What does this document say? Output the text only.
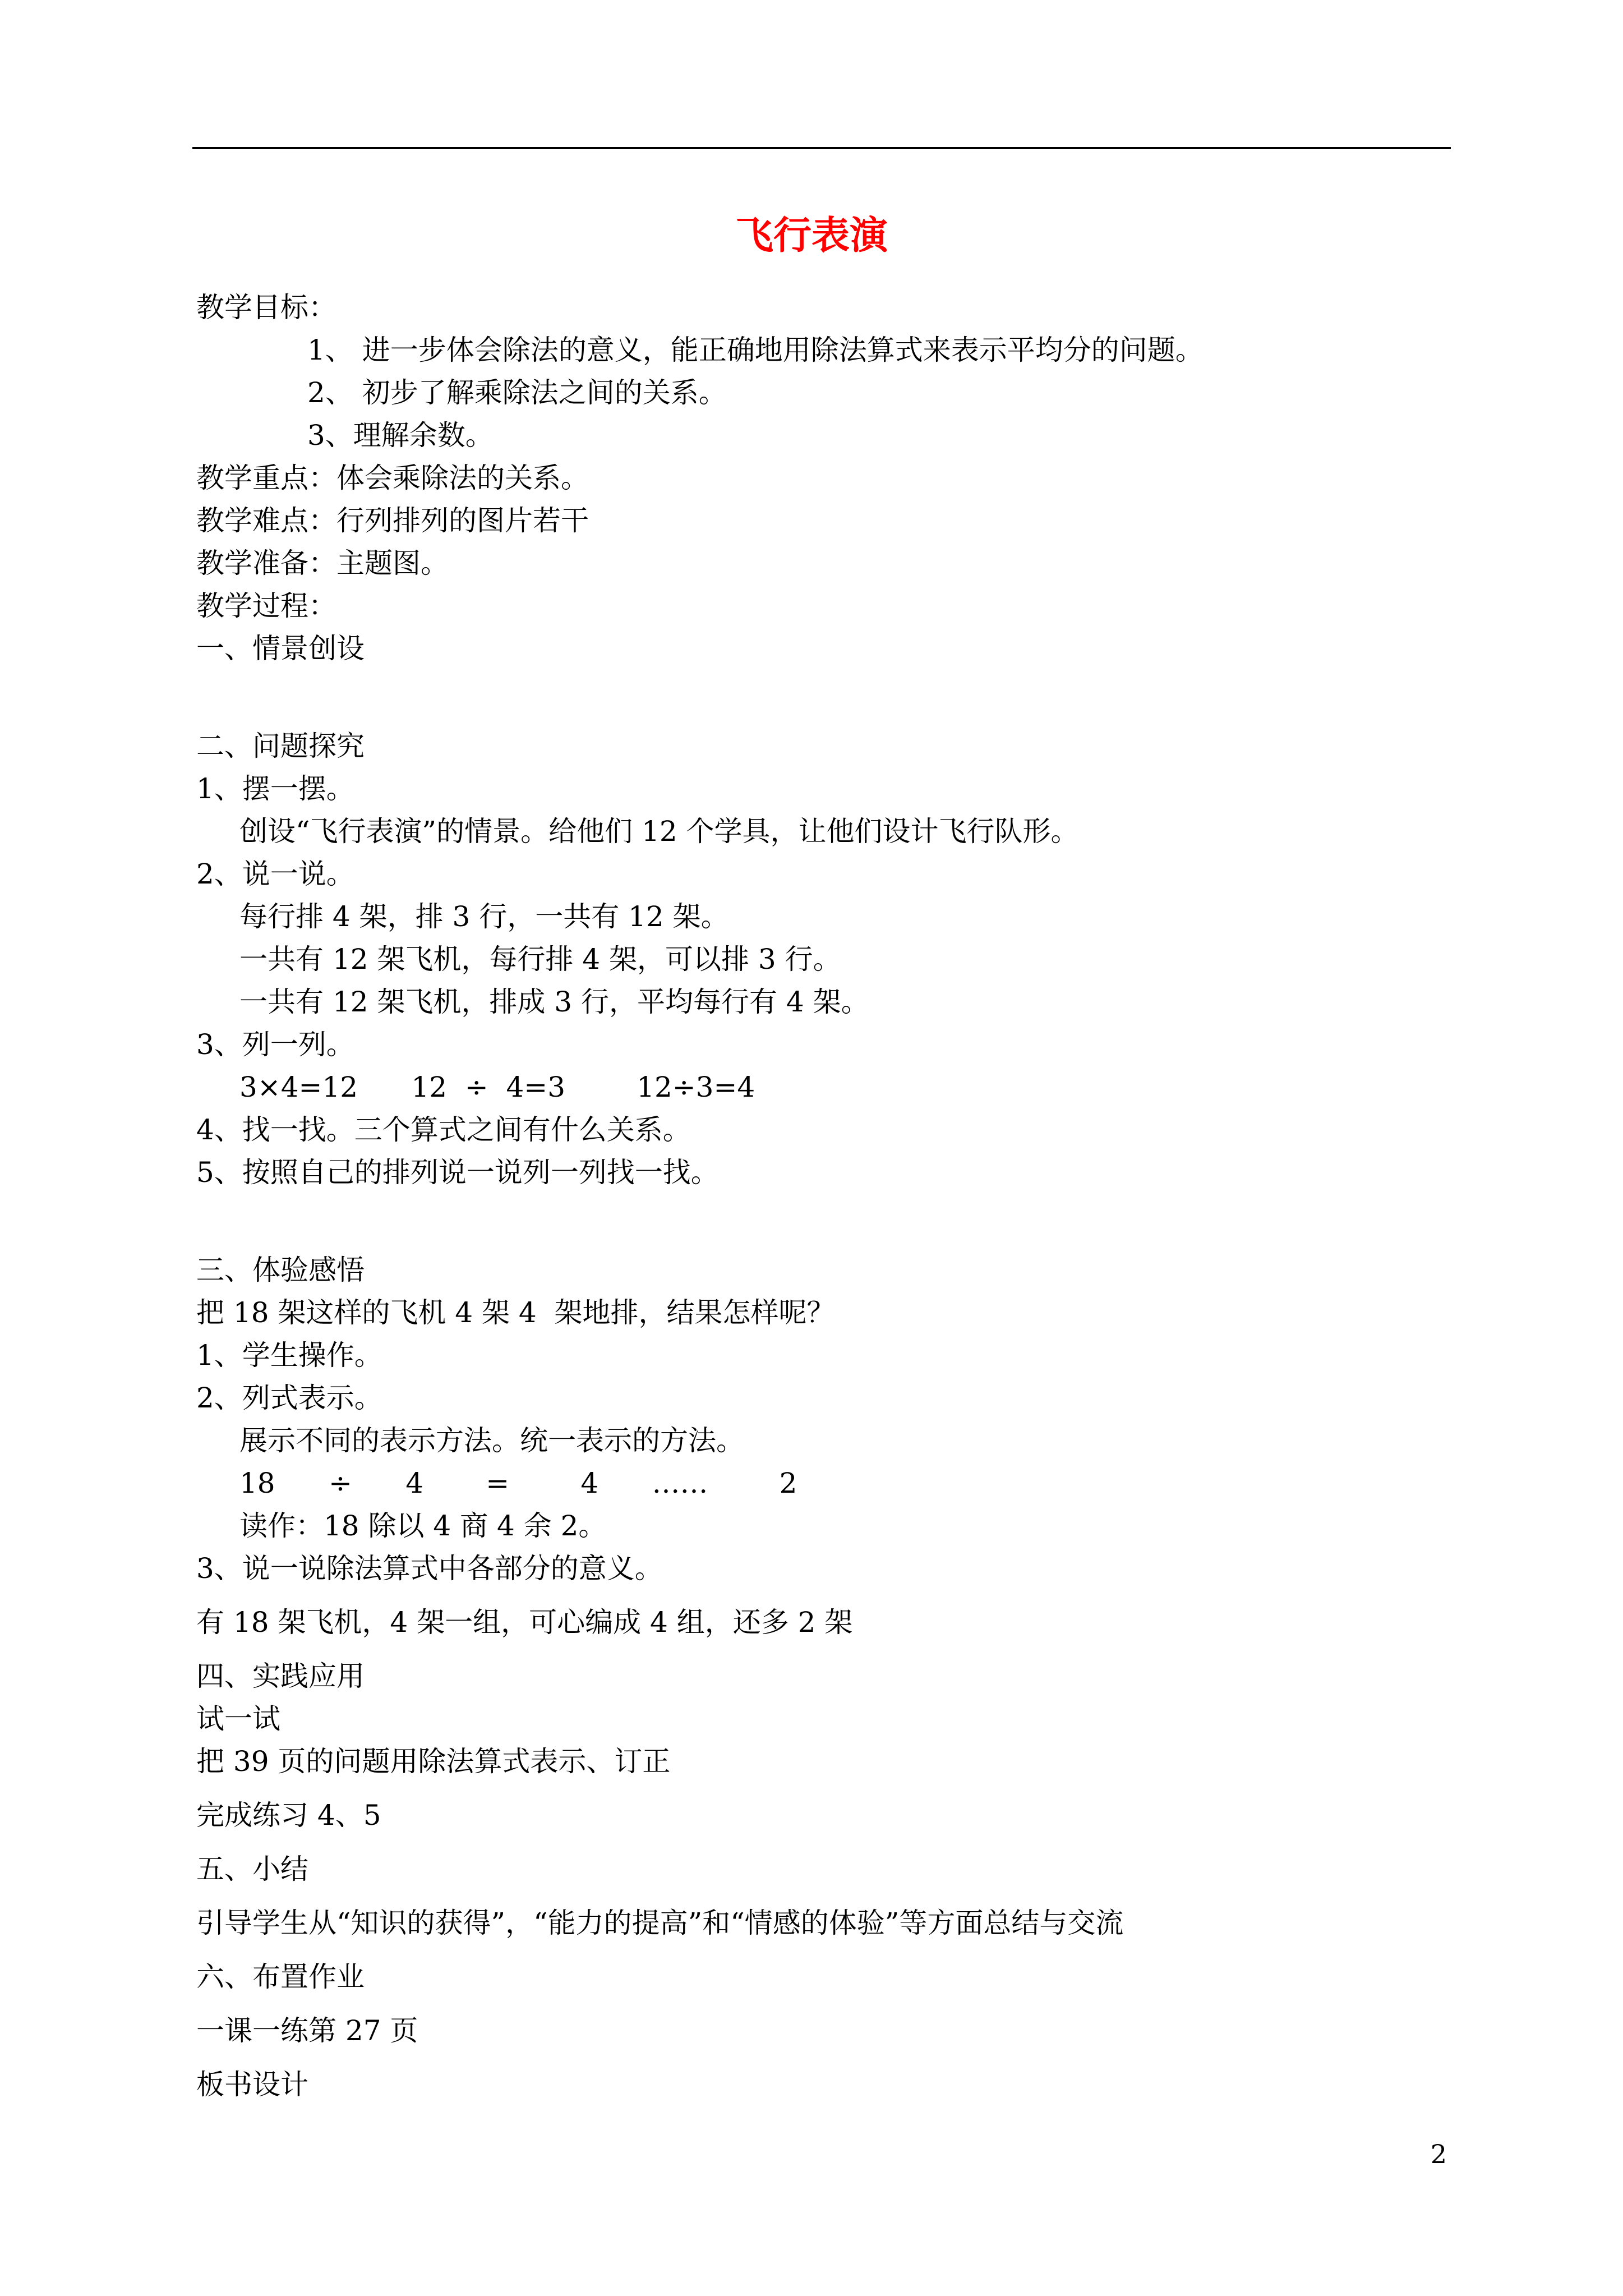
飞行表演
教学目标：
1、 进一步体会除法的意义，能正确地用除法算式来表示平均分的问题。
2、 初步了解乘除法之间的关系。
3、理解余数。
教学重点：体会乘除法的关系。
教学难点：行列排列的图片若干
教学准备：主题图。
教学过程：
一、情景创设
二、问题探究
1、摆一摆。
创设“飞行表演”的情景。给他们 12 个学具，让他们设计飞行队形。
2、说一说。
每行排 4 架，排 3 行，一共有 12 架。
一共有 12 架飞机，每行排 4 架，可以排 3 行。
一共有 12 架飞机，排成 3 行，平均每行有 4 架。
3、列一列。
3×4=12      12  ÷  4=3        12÷3=4
4、找一找。三个算式之间有什么关系。
5、按照自己的排列说一说列一列找一找。
三、体验感悟
把 18 架这样的飞机 4 架 4  架地排，结果怎样呢？
1、学生操作。
2、列式表示。
展示不同的表示方法。统一表示的方法。
18      ÷      4       =        4      ……        2
读作：18 除以 4 商 4 余 2。
3、说一说除法算式中各部分的意义。
有 18 架飞机，4 架一组，可心编成 4 组，还多 2 架
四、实践应用
试一试
把 39 页的问题用除法算式表示、订正
完成练习 4、5
五、小结
引导学生从“知识的获得”，“能力的提高”和“情感的体验”等方面总结与交流
六、布置作业
一课一练第 27 页
板书设计
2
